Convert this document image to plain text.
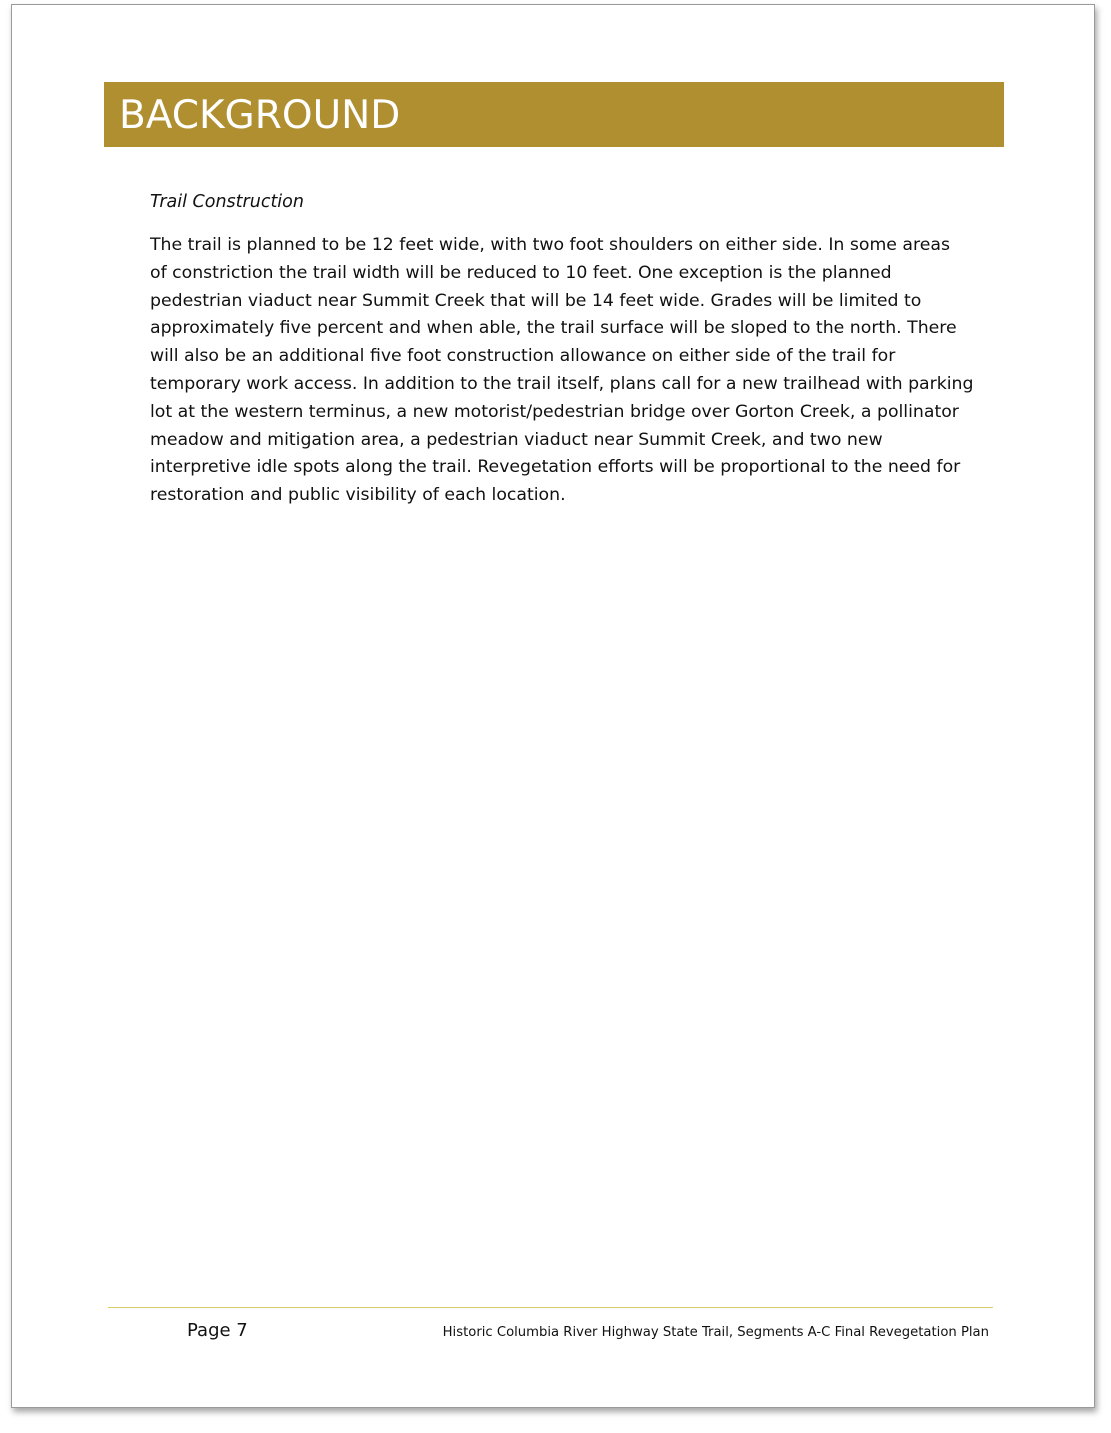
BACKGROUND
Trail Construction
The trail is planned to be 12 feet wide, with two foot shoulders on either side. In some areas
of constriction the trail width will be reduced to 10 feet. One exception is the planned
pedestrian viaduct near Summit Creek that will be 14 feet wide. Grades will be limited to
approximately five percent and when able, the trail surface will be sloped to the north. There
will also be an additional five foot construction allowance on either side of the trail for
temporary work access. In addition to the trail itself, plans call for a new trailhead with parking
lot at the western terminus, a new motorist/pedestrian bridge over Gorton Creek, a pollinator
meadow and mitigation area, a pedestrian viaduct near Summit Creek, and two new
interpretive idle spots along the trail. Revegetation efforts will be proportional to the need for
restoration and public visibility of each location.
Page 7	Historic Columbia River Highway State Trail, Segments A-C Final Revegetation Plan
